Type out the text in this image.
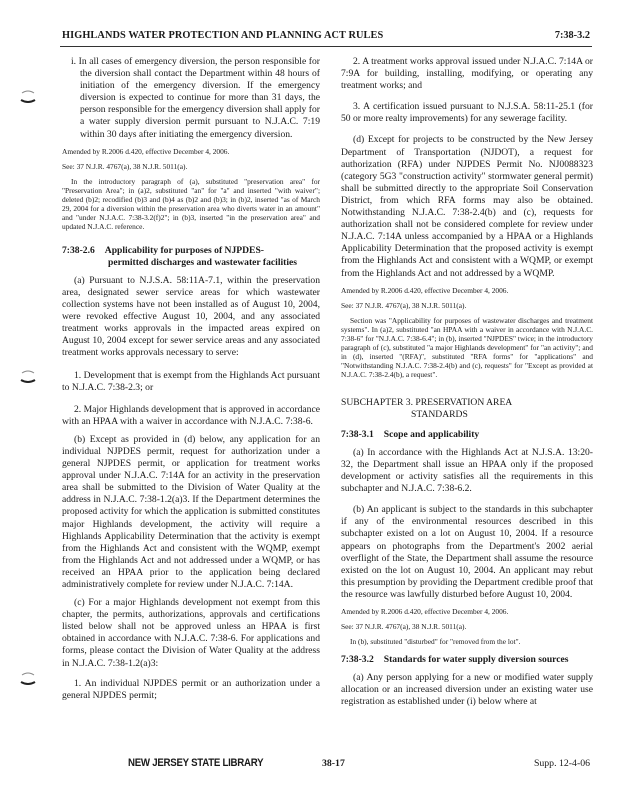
HIGHLANDS WATER PROTECTION AND PLANNING ACT RULES	7:38-3.2

i. In all cases of emergency diversion, the person responsible for the diversion shall contact the Department within 48 hours of initiation of the emergency diversion. If the emergency diversion is expected to continue for more than 31 days, the person responsible for the emergency diversion shall apply for a water supply diversion permit pursuant to N.J.A.C. 7:19 within 30 days after initiating the emergency diversion.

Amended by R.2006 d.420, effective December 4, 2006.

See: 37 N.J.R. 4767(a), 38 N.J.R. 5011(a).

In the introductory paragraph of (a), substituted "preservation area" for "Preservation Area"; in (a)2, substituted "an" for "a" and inserted "with waiver"; deleted (b)2; recodified (b)3 and (b)4 as (b)2 and (b)3; in (b)2, inserted "as of March 29, 2004 for a diversion within the preservation area who diverts water in an amount" and "under N.J.A.C. 7:38-3.2(f)2"; in (b)3, inserted "in the preservation area" and updated N.J.A.C. reference.

7:38-2.6 Applicability for purposes of NJPDES-
permitted discharges and wastewater facilities

(a) Pursuant to N.J.S.A. 58:11A-7.1, within the preservation area, designated sewer service areas for which wastewater collection systems have not been installed as of August 10, 2004, were revoked effective August 10, 2004, and any associated treatment works approvals in the impacted areas expired on August 10, 2004 except for sewer service areas and any associated treatment works approvals necessary to serve:

1. Development that is exempt from the Highlands Act pursuant to N.J.A.C. 7:38-2.3; or

2. Major Highlands development that is approved in accordance with an HPAA with a waiver in accordance with N.J.A.C. 7:38-6.

(b) Except as provided in (d) below, any application for an individual NJPDES permit, request for authorization under a general NJPDES permit, or application for treatment works approval under N.J.A.C. 7:14A for an activity in the preservation area shall be submitted to the Division of Water Quality at the address in N.J.A.C. 7:38-1.2(a)3. If the Department determines the proposed activity for which the application is submitted constitutes major Highlands development, the activity will require a Highlands Applicability Determination that the activity is exempt from the Highlands Act and consistent with the WQMP, exempt from the Highlands Act and not addressed under a WQMP, or has received an HPAA prior to the application being declared administratively complete for review under N.J.A.C. 7:14A.

(c) For a major Highlands development not exempt from this chapter, the permits, authorizations, approvals and certifications listed below shall not be approved unless an HPAA is first obtained in accordance with N.J.A.C. 7:38-6. For applications and forms, please contact the Division of Water Quality at the address in N.J.A.C. 7:38-1.2(a)3:

1. An individual NJPDES permit or an authorization under a general NJPDES permit;

2. A treatment works approval issued under N.J.A.C. 7:14A or 7:9A for building, installing, modifying, or operating any treatment works; and

3. A certification issued pursuant to N.J.S.A. 58:11-25.1 (for 50 or more realty improvements) for any sewerage facility.

(d) Except for projects to be constructed by the New Jersey Department of Transportation (NJDOT), a request for authorization (RFA) under NJPDES Permit No. NJ0088323 (category 5G3 "construction activity" stormwater general permit) shall be submitted directly to the appropriate Soil Conservation District, from which RFA forms may also be obtained. Notwithstanding N.J.A.C. 7:38-2.4(b) and (c), requests for authorization shall not be considered complete for review under N.J.A.C. 7:14A unless accompanied by a HPAA or a Highlands Applicability Determination that the proposed activity is exempt from the Highlands Act and consistent with a WQMP, or exempt from the Highlands Act and not addressed by a WQMP.

Amended by R.2006 d.420, effective December 4, 2006.

See: 37 N.J.R. 4767(a), 38 N.J.R. 5011(a).

Section was "Applicability for purposes of wastewater discharges and treatment systems". In (a)2, substituted "an HPAA with a waiver in accordance with N.J.A.C. 7:38-6" for "N.J.A.C. 7:38-6.4"; in (b), inserted "NJPDES" twice; in the introductory paragraph of (c), substituted "a major Highlands development" for "an activity"; and in (d), inserted "(RFA)", substituted "RFA forms" for "applications" and "Notwithstanding N.J.A.C. 7:38-2.4(b) and (c), requests" for "Except as provided at N.J.A.C. 7:38-2.4(b), a request".

SUBCHAPTER 3. PRESERVATION AREA
STANDARDS
7:38-3.1 Scope and applicability

(a) In accordance with the Highlands Act at N.J.S.A. 13:20-32, the Department shall issue an HPAA only if the proposed development or activity satisfies all the requirements in this subchapter and N.J.A.C. 7:38-6.2.

(b) An applicant is subject to the standards in this subchapter if any of the environmental resources described in this subchapter existed on a lot on August 10, 2004. If a resource appears on photographs from the Department's 2002 aerial overflight of the State, the Department shall assume the resource existed on the lot on August 10, 2004. An applicant may rebut this presumption by providing the Department credible proof that the resource was lawfully disturbed before August 10, 2004.

Amended by R.2006 d.420, effective December 4, 2006.

See: 37 N.J.R. 4767(a), 38 N.J.R. 5011(a).

In (b), substituted "disturbed" for "removed from the lot".

7:38-3.2 Standards for water supply diversion sources

(a) Any person applying for a new or modified water supply allocation or an increased diversion under an existing water use registration as established under (i) below where at

NEW JERSEY STATE LIBRARY	38-17	Supp. 12-4-06
